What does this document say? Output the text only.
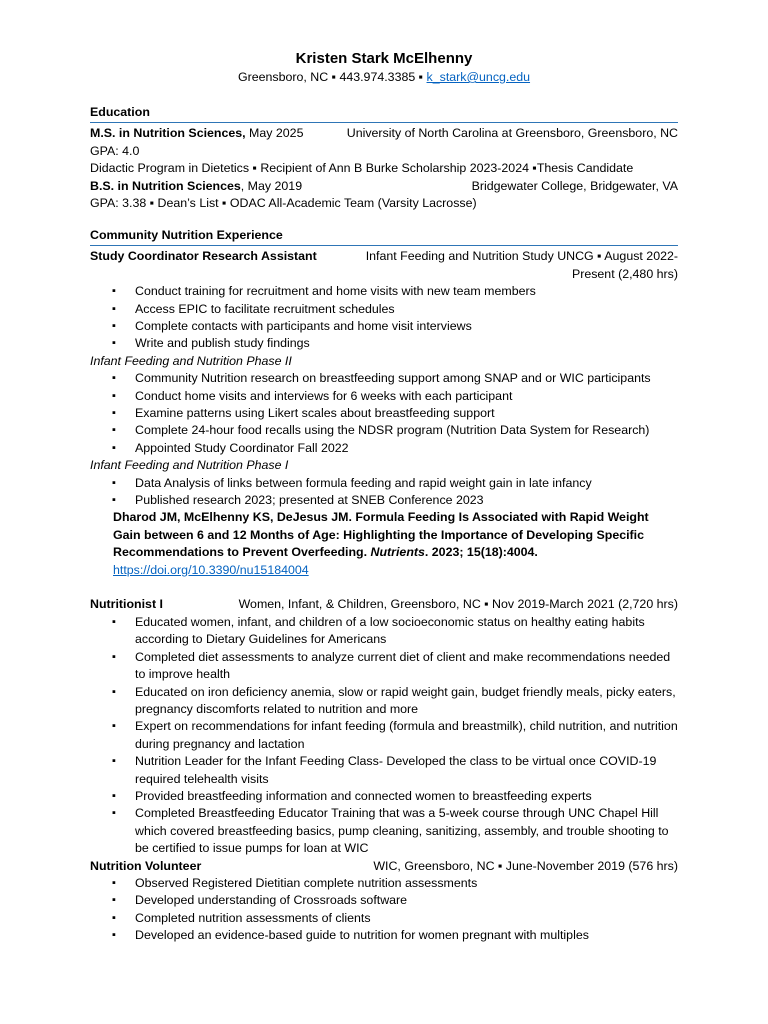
Kristen Stark McElhenny
Greensboro, NC ▪ 443.974.3385 ▪ k_stark@uncg.edu
Education
M.S. in Nutrition Sciences, May 2025	University of North Carolina at Greensboro, Greensboro, NC
GPA: 4.0
Didactic Program in Dietetics ▪ Recipient of Ann B Burke Scholarship 2023-2024 ▪Thesis Candidate
B.S. in Nutrition Sciences, May 2019	Bridgewater College, Bridgewater, VA
GPA: 3.38 ▪ Dean’s List ▪ ODAC All-Academic Team (Varsity Lacrosse)
Community Nutrition Experience
Study Coordinator Research Assistant	Infant Feeding and Nutrition Study UNCG ▪ August 2022-
Present (2,480 hrs)
▪ Conduct training for recruitment and home visits with new team members
▪ Access EPIC to facilitate recruitment schedules
▪ Complete contacts with participants and home visit interviews
▪ Write and publish study findings
Infant Feeding and Nutrition Phase II
▪ Community Nutrition research on breastfeeding support among SNAP and or WIC participants
▪ Conduct home visits and interviews for 6 weeks with each participant
▪ Examine patterns using Likert scales about breastfeeding support
▪ Complete 24-hour food recalls using the NDSR program (Nutrition Data System for Research)
▪ Appointed Study Coordinator Fall 2022
Infant Feeding and Nutrition Phase I
▪ Data Analysis of links between formula feeding and rapid weight gain in late infancy
▪ Published research 2023; presented at SNEB Conference 2023
Dharod JM, McElhenny KS, DeJesus JM. Formula Feeding Is Associated with Rapid Weight Gain between 6 and 12 Months of Age: Highlighting the Importance of Developing Specific Recommendations to Prevent Overfeeding. Nutrients. 2023; 15(18):4004.
https://doi.org/10.3390/nu15184004
Nutritionist I	Women, Infant, & Children, Greensboro, NC ▪ Nov 2019-March 2021 (2,720 hrs)
▪ Educated women, infant, and children of a low socioeconomic status on healthy eating habits according to Dietary Guidelines for Americans
▪ Completed diet assessments to analyze current diet of client and make recommendations needed to improve health
▪ Educated on iron deficiency anemia, slow or rapid weight gain, budget friendly meals, picky eaters, pregnancy discomforts related to nutrition and more
▪ Expert on recommendations for infant feeding (formula and breastmilk), child nutrition, and nutrition during pregnancy and lactation
▪ Nutrition Leader for the Infant Feeding Class- Developed the class to be virtual once COVID-19 required telehealth visits
▪ Provided breastfeeding information and connected women to breastfeeding experts
▪ Completed Breastfeeding Educator Training that was a 5-week course through UNC Chapel Hill which covered breastfeeding basics, pump cleaning, sanitizing, assembly, and trouble shooting to be certified to issue pumps for loan at WIC
Nutrition Volunteer	WIC, Greensboro, NC ▪ June-November 2019 (576 hrs)
▪ Observed Registered Dietitian complete nutrition assessments
▪ Developed understanding of Crossroads software
▪ Completed nutrition assessments of clients
▪ Developed an evidence-based guide to nutrition for women pregnant with multiples
